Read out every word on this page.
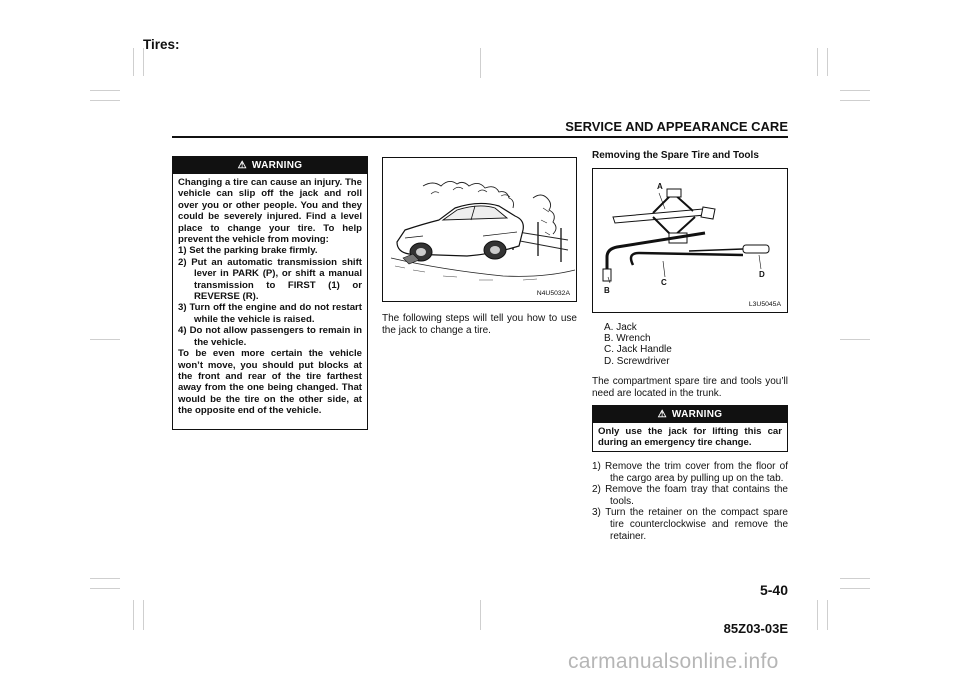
Tires:
SERVICE AND APPEARANCE CARE
⚠ WARNING
Changing a tire can cause an injury. The vehicle can slip off the jack and roll over you or other people. You and they could be severely injured. Find a level place to change your tire. To help prevent the vehicle from moving:
1) Set the parking brake firmly.
2) Put an automatic transmission shift lever in PARK (P), or shift a manual transmission to FIRST (1) or REVERSE (R).
3) Turn off the engine and do not restart while the vehicle is raised.
4) Do not allow passengers to remain in the vehicle.
To be even more certain the vehicle won’t move, you should put blocks at the front and rear of the tire farthest away from the one being changed. That would be the tire on the other side, at the opposite end of the vehicle.
N4U5032A
The following steps will tell you how to use the jack to change a tire.
Removing the Spare Tire and Tools
A
B
C
D
L3U5045A
A. Jack
B. Wrench
C. Jack Handle
D. Screwdriver
The compartment spare tire and tools you’ll need are located in the trunk.
⚠ WARNING
Only use the jack for lifting this car during an emergency tire change.
1) Remove the trim cover from the floor of the cargo area by pulling up on the tab.
2) Remove the foam tray that contains the tools.
3) Turn the retainer on the compact spare tire counterclockwise and remove the retainer.
5-40
85Z03-03E
carmanualsonline.info
